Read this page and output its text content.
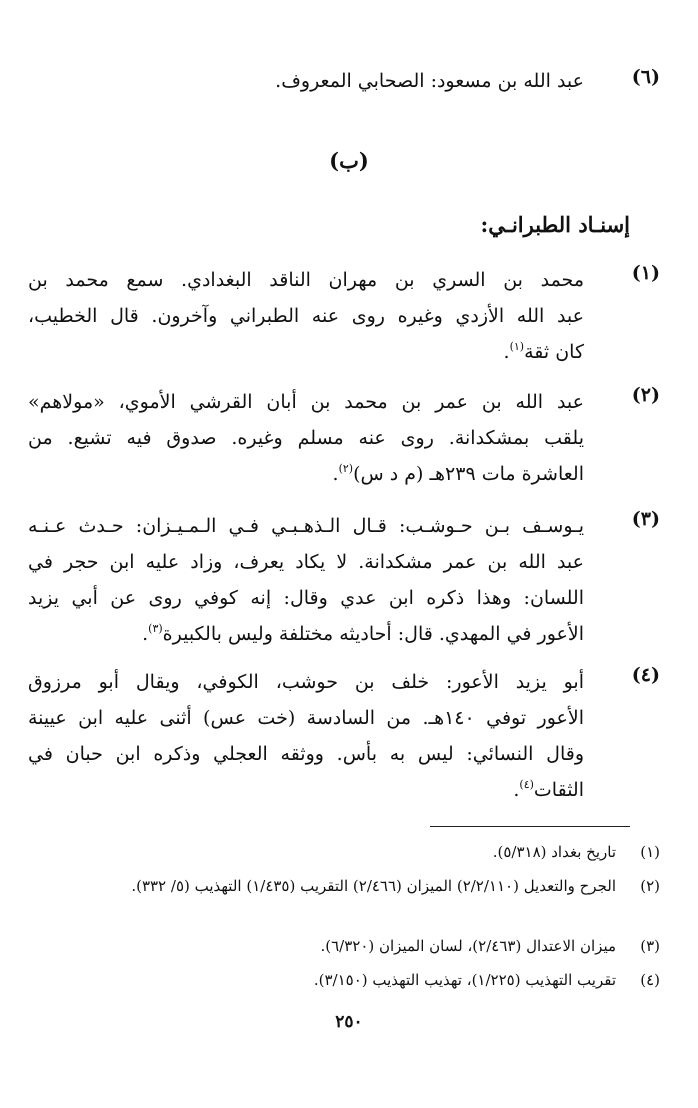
(٦)
عبد الله بن مسعود: الصحابي المعروف.
(ب)
إسنـاد الطبرانـي:
(١)
محمد بن السري بن مهران الناقد البغدادي. سمع محمد بن
عبد الله الأزدي وغيره روى عنه الطبراني وآخرون. قال الخطيب،
كان ثقة$^{(١)}$.
(٢)
عبد الله بن عمر بن محمد بن أبان القرشي الأموي، «مولاهم»
يلقب بمشكدانة. روى عنه مسلم وغيره. صدوق فيه تشيع. من
العاشرة مات ٢٣٩هـ (م د س)$^{(٢)}$.
(٣)
يـوسـف بـن حـوشـب: قـال الـذهـبـي فـي الـمـيـزان: حـدث عـنـه
عبد الله بن عمر مشكدانة. لا يكاد يعرف، وزاد عليه ابن حجر في
اللسان: وهذا ذكره ابن عدي وقال: إنه كوفي روى عن أبي يزيد
الأعور في المهدي. قال: أحاديثه مختلفة وليس بالكبيرة$^{(٣)}$.
(٤)
أبو يزيد الأعور: خلف بن حوشب، الكوفي، ويقال أبو مرزوق
الأعور توفي ١٤٠هـ. من السادسة (خت عس) أثنى عليه ابن عيينة
وقال النسائي: ليس به بأس. ووثقه العجلي وذكره ابن حبان في
الثقات$^{(٤)}$.
(١)
تاريخ بغداد (٥/٣١٨).
(٢)
الجرح والتعديل (٢/٢/١١٠) الميزان (٢/٤٦٦) التقريب (١/٤٣٥) التهذيب (٥/ ٣٣٢).
(٣)
ميزان الاعتدال (٢/٤٦٣)، لسان الميزان (٦/٣٢٠).
(٤)
تقريب التهذيب (١/٢٢٥)، تهذيب التهذيب (٣/١٥٠).
٢٥٠
